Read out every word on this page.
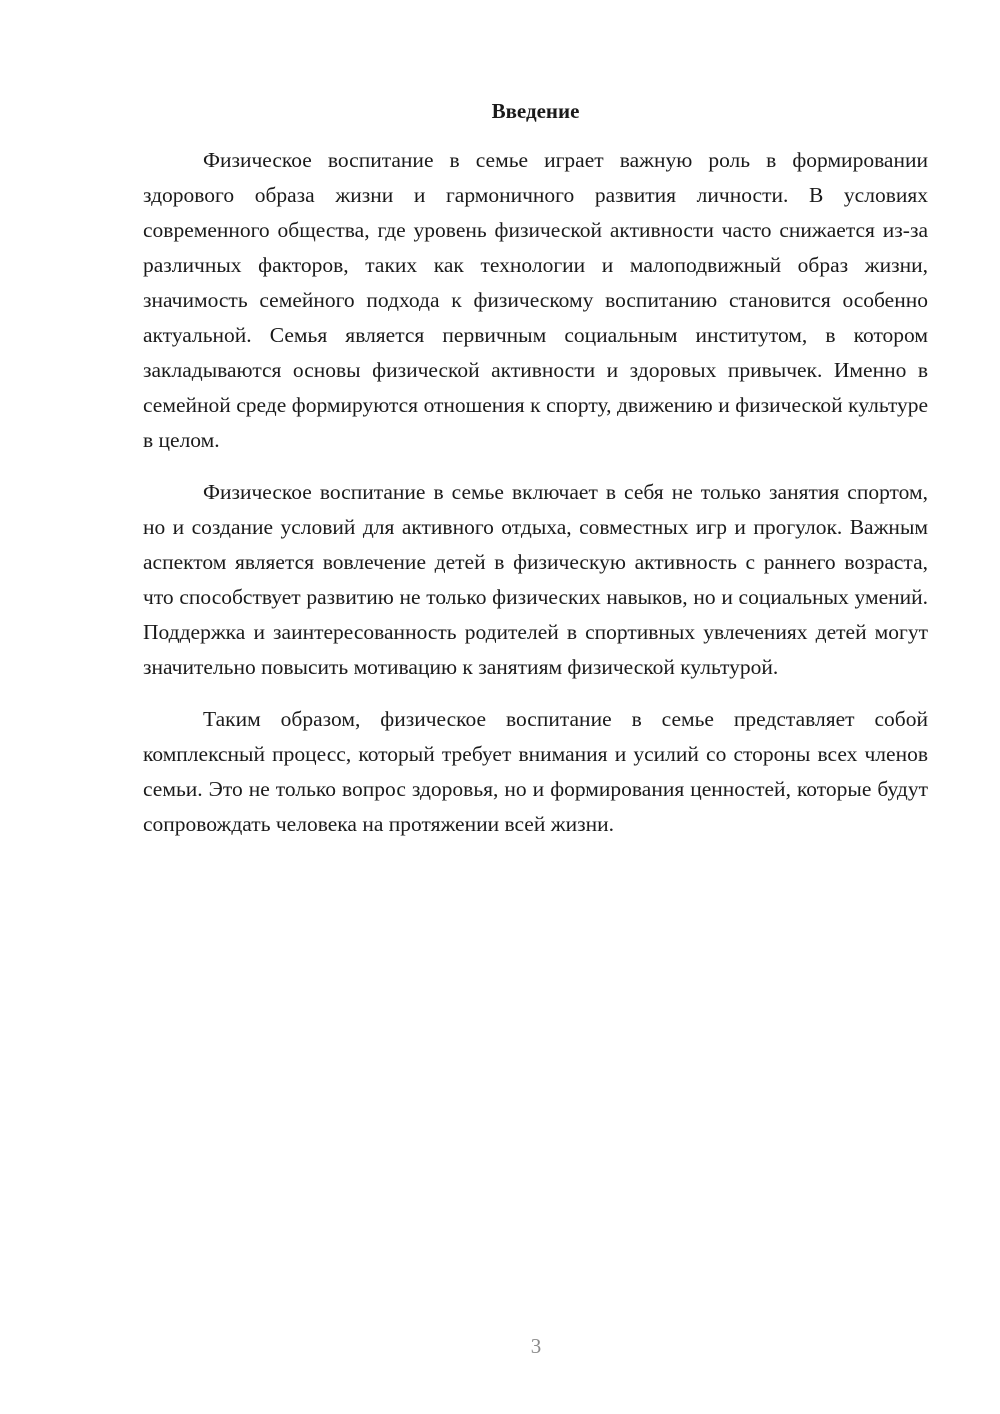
Введение

Физическое воспитание в семье играет важную роль в формировании здорового образа жизни и гармоничного развития личности. В условиях современного общества, где уровень физической активности часто снижается из-за различных факторов, таких как технологии и малоподвижный образ жизни, значимость семейного подхода к физическому воспитанию становится особенно актуальной. Семья является первичным социальным институтом, в котором закладываются основы физической активности и здоровых привычек. Именно в семейной среде формируются отношения к спорту, движению и физической культуре в целом.

Физическое воспитание в семье включает в себя не только занятия спортом, но и создание условий для активного отдыха, совместных игр и прогулок. Важным аспектом является вовлечение детей в физическую активность с раннего возраста, что способствует развитию не только физических навыков, но и социальных умений. Поддержка и заинтересованность родителей в спортивных увлечениях детей могут значительно повысить мотивацию к занятиям физической культурой.

Таким образом, физическое воспитание в семье представляет собой комплексный процесс, который требует внимания и усилий со стороны всех членов семьи. Это не только вопрос здоровья, но и формирования ценностей, которые будут сопровождать человека на протяжении всей жизни.

3
